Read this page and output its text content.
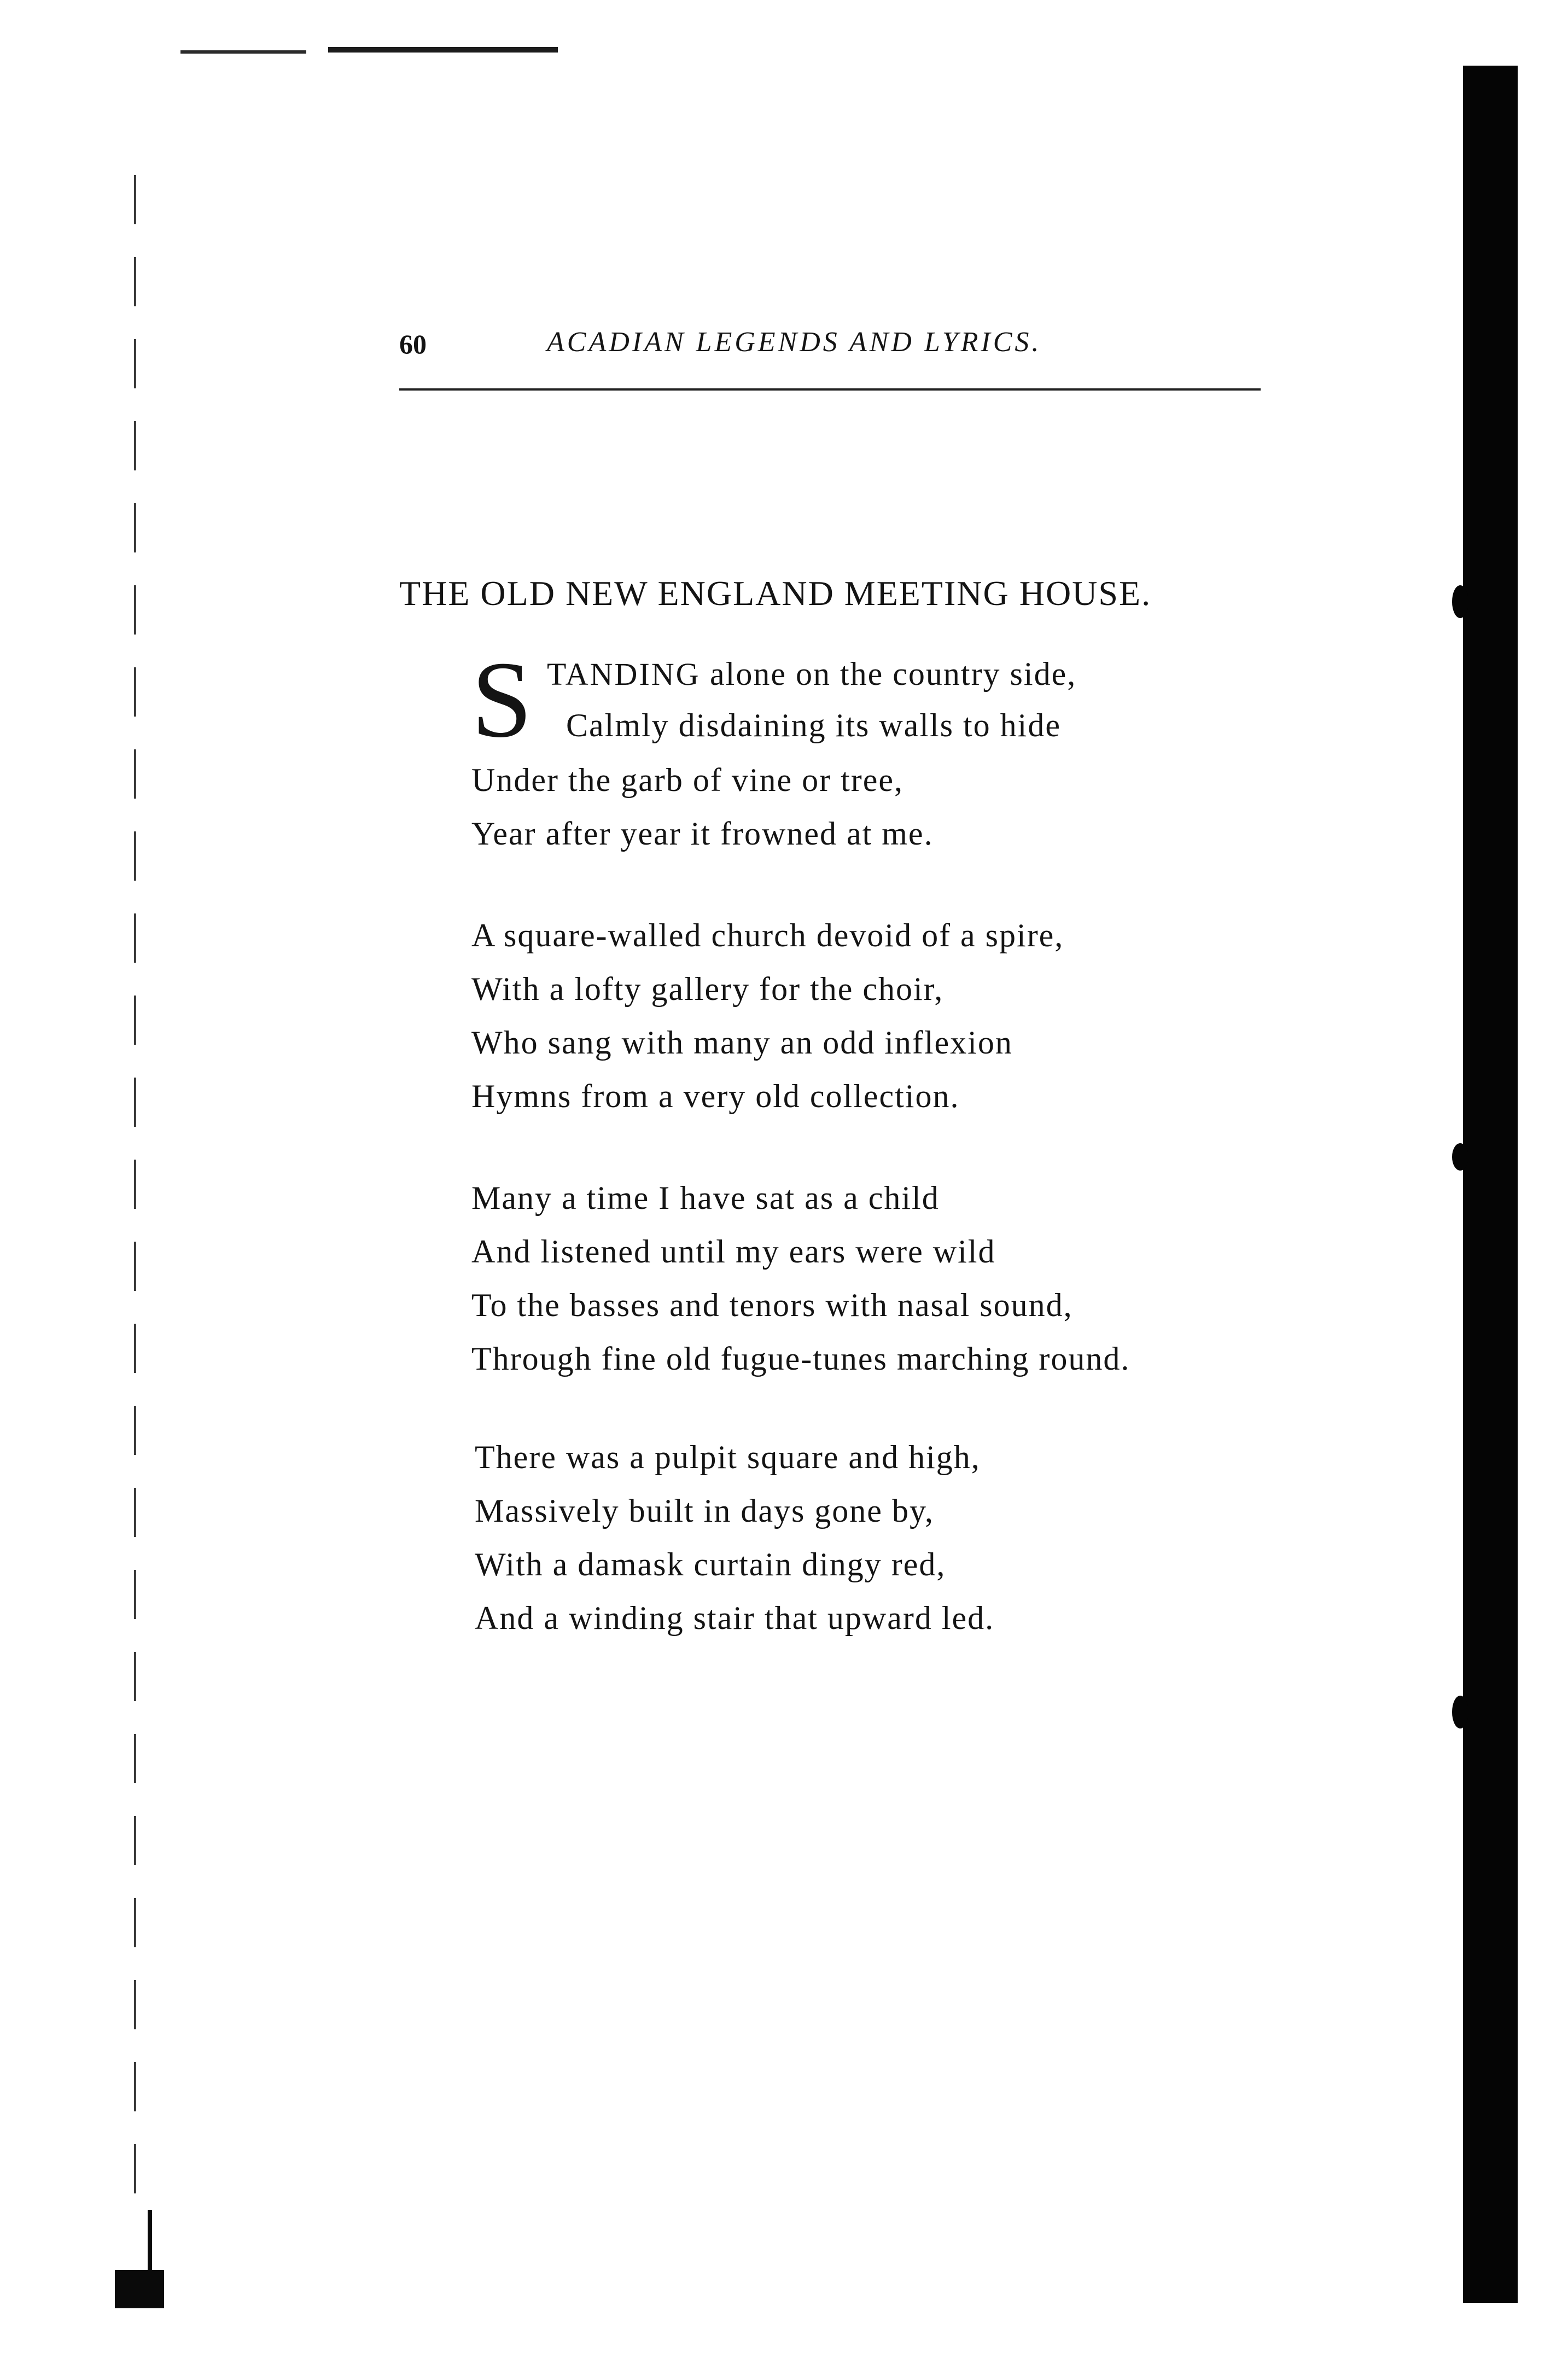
60	ACADIAN LEGENDS AND LYRICS.
THE OLD NEW ENGLAND MEETING HOUSE.
S TANDING alone on the country side,
Calmly disdaining its walls to hide
Under the garb of vine or tree,
Year after year it frowned at me.
A square-walled church devoid of a spire,
With a lofty gallery for the choir,
Who sang with many an odd inflexion
Hymns from a very old collection.
Many a time I have sat as a child
And listened until my ears were wild
To the basses and tenors with nasal sound,
Through fine old fugue-tunes marching round.
There was a pulpit square and high,
Massively built in days gone by,
With a damask curtain dingy red,
And a winding stair that upward led.
